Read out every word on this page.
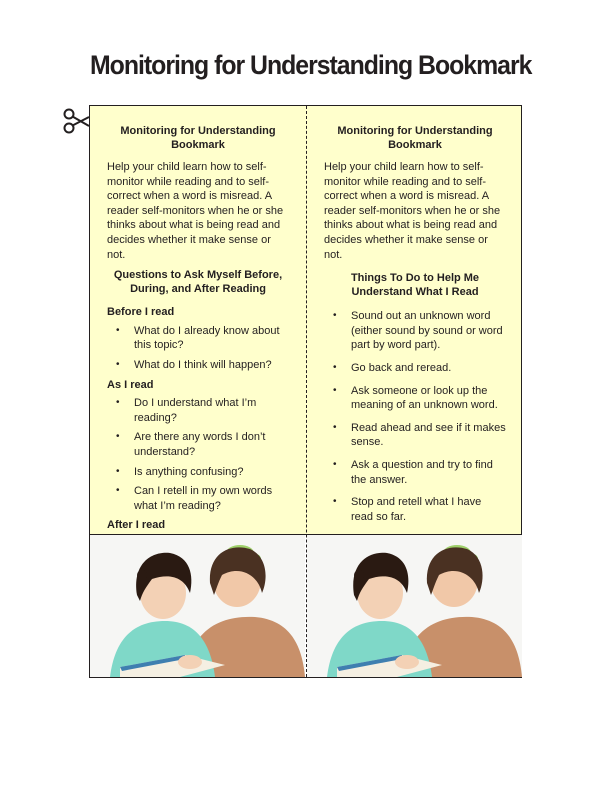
Monitoring for Understanding Bookmark

Monitoring for Understanding Bookmark

Help your child learn how to self-monitor while reading and to self-correct when a word is misread. A reader self-monitors when he or she thinks about what is being read and decides whether it make sense or not.

Questions to Ask Myself Before, During, and After Reading

Before I read
• What do I already know about this topic?
• What do I think will happen?
As I read
• Do I understand what I’m reading?
• Are there any words I don’t understand?
• Is anything confusing?
• Can I retell in my own words what I’m reading?
After I read

Monitoring for Understanding Bookmark

Help your child learn how to self-monitor while reading and to self-correct when a word is misread. A reader self-monitors when he or she thinks about what is being read and decides whether it make sense or not.

Things To Do to Help Me Understand What I Read

• Sound out an unknown word (either sound by sound or word part by word part).
• Go back and reread.
• Ask someone or look up the meaning of an unknown word.
• Read ahead and see if it makes sense.
• Ask a question and try to find the answer.
• Stop and retell what I have read so far.
